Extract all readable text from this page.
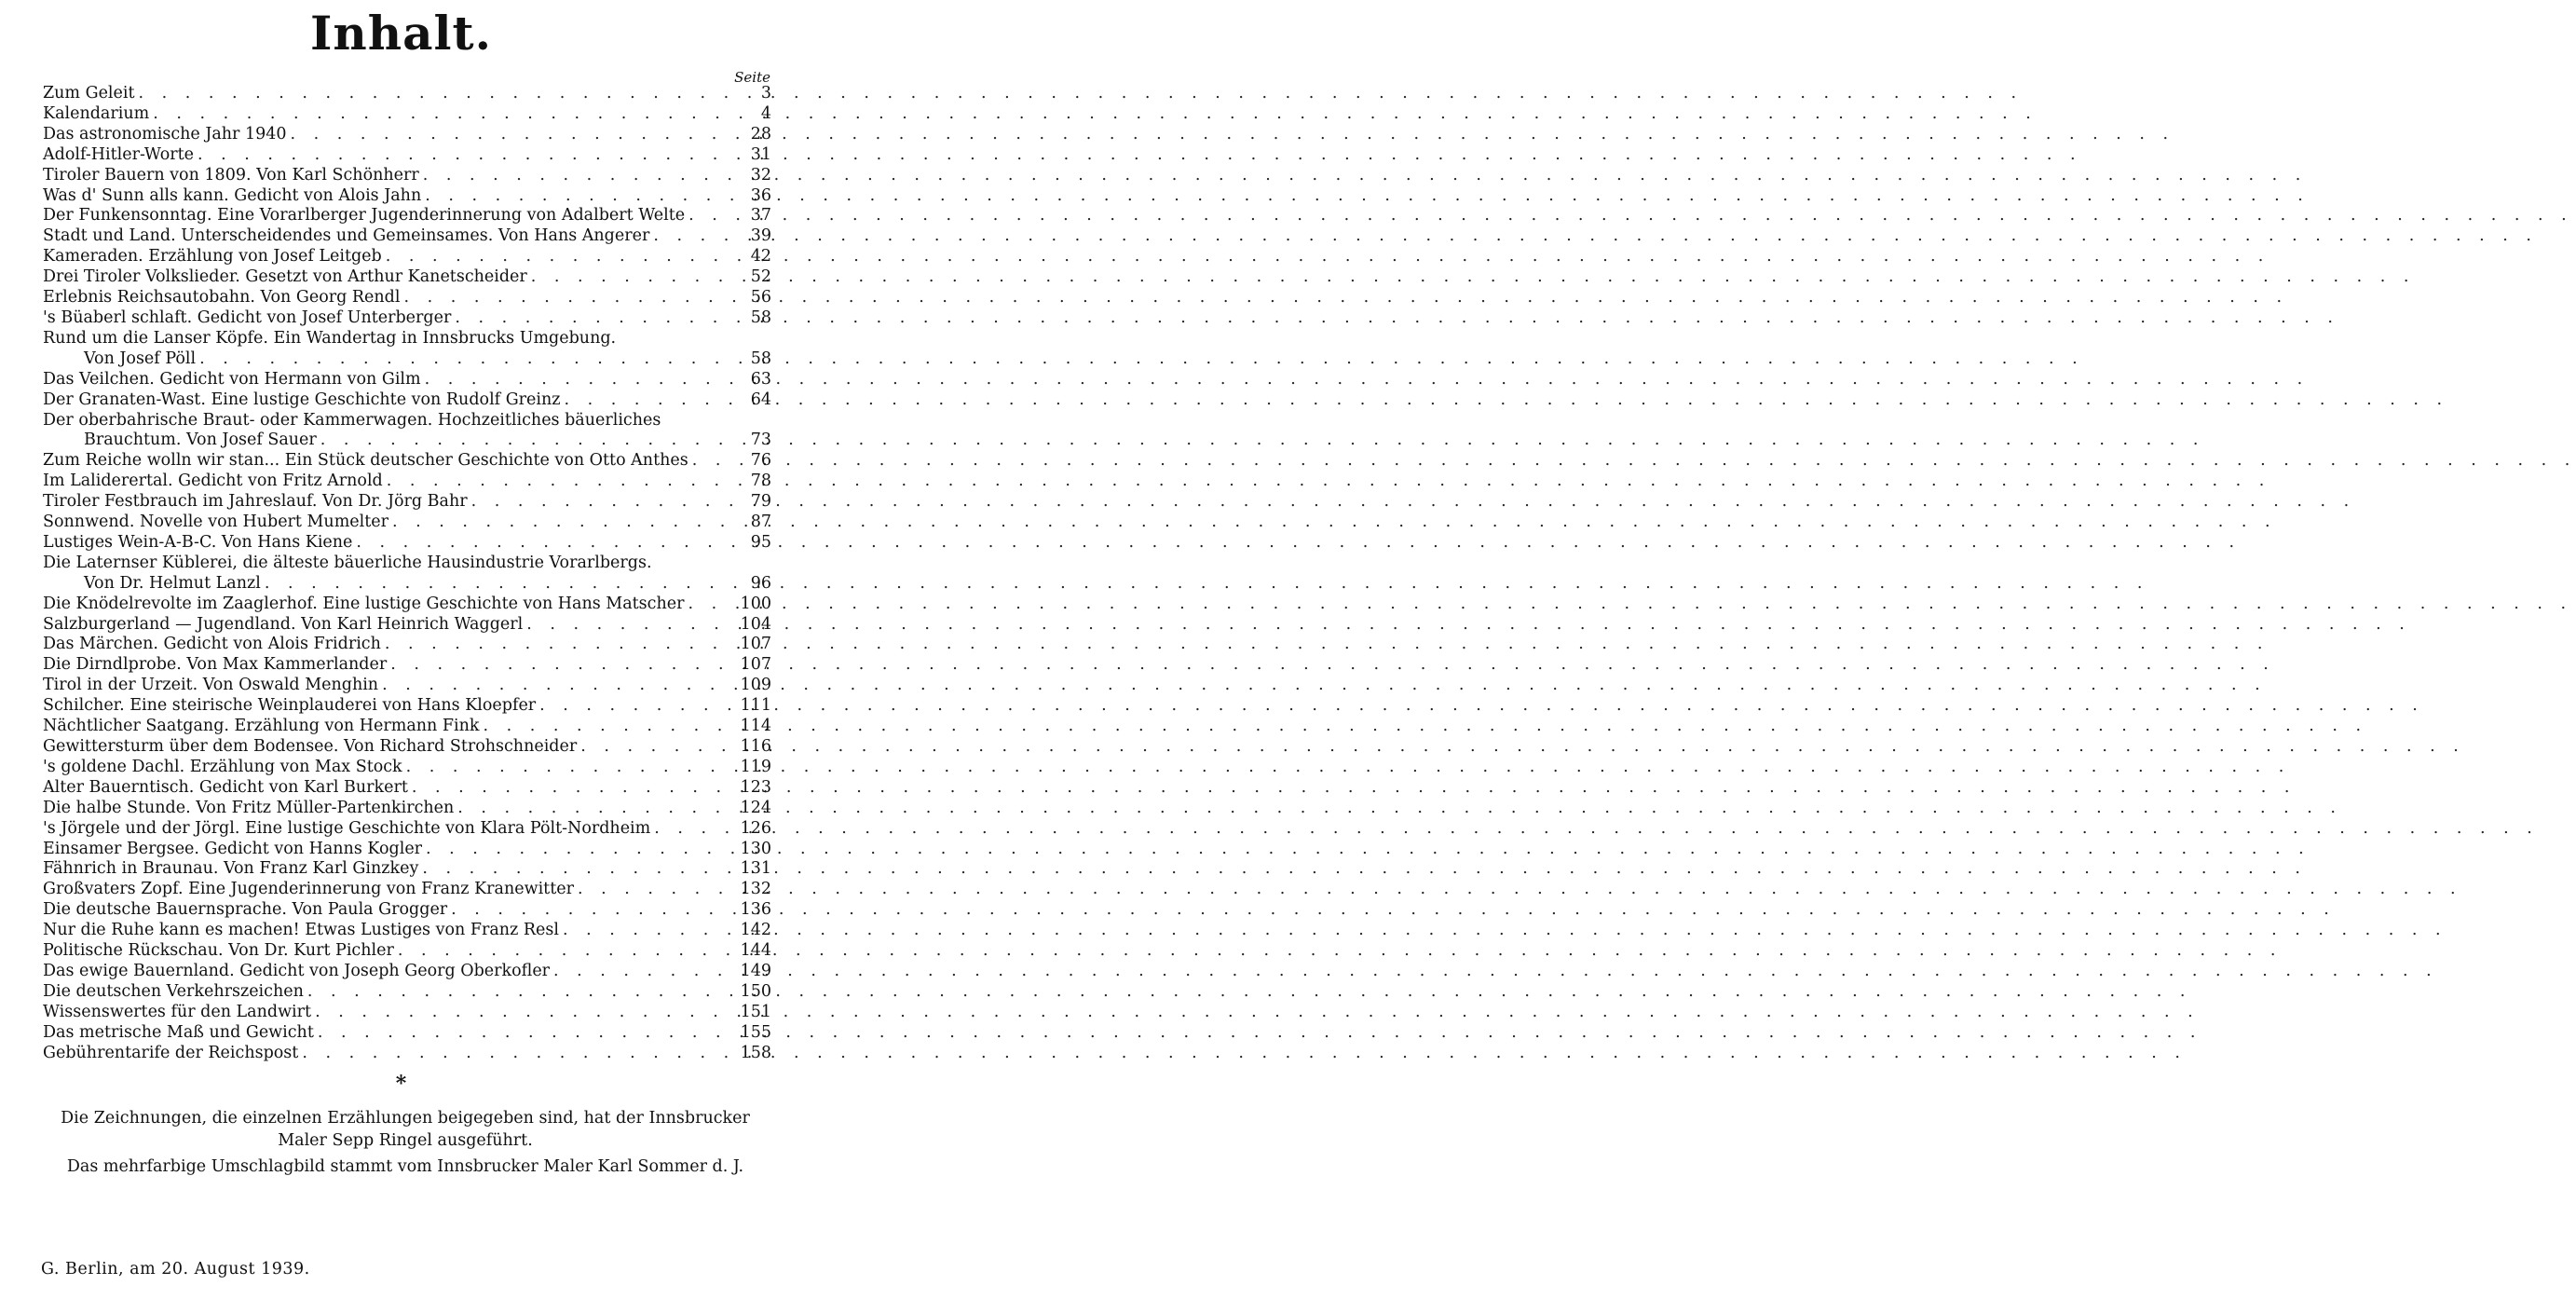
Inhalt.
Seite
Zum Geleit . . .	3
Kalendarium . . .	4
Das astronomische Jahr 1940 . . .	28
Adolf-Hitler-Worte . . .	31
Tiroler Bauern von 1809. Von Karl Schönherr . . .	32
Was d' Sunn alls kann. Gedicht von Alois Jahn . . .	36
Der Funkensonntag. Eine Vorarlberger Jugenderinnerung von Adalbert Welte . . .	37
Stadt und Land. Unterscheidendes und Gemeinsames. Von Hans Angerer . . .	39
Kameraden. Erzählung von Josef Leitgeb . . .	42
Drei Tiroler Volkslieder. Gesetzt von Arthur Kanetscheider . . .	52
Erlebnis Reichsautobahn. Von Georg Rendl . . .	56
's Büaberl schlaft. Gedicht von Josef Unterberger . . .	58
Rund um die Lanser Köpfe. Ein Wandertag in Innsbrucks Umgebung.
Von Josef Pöll . . .	58
Das Veilchen. Gedicht von Hermann von Gilm . . .	63
Der Granaten-Wast. Eine lustige Geschichte von Rudolf Greinz . . .	64
Der oberbahrische Braut- oder Kammerwagen. Hochzeitliches bäuerliches
Brauchtum. Von Josef Sauer . . .	73
Zum Reiche wolln wir stan... Ein Stück deutscher Geschichte von Otto Anthes . . .	76
Im Laliderertal. Gedicht von Fritz Arnold . . .	78
Tiroler Festbrauch im Jahreslauf. Von Dr. Jörg Bahr . . .	79
Sonnwend. Novelle von Hubert Mumelter . . .	87
Lustiges Wein-A-B-C. Von Hans Kiene . . .	95
Die Laternser Küblerei, die älteste bäuerliche Hausindustrie Vorarlbergs.
Von Dr. Helmut Lanzl . . .	96
Die Knödelrevolte im Zaaglerhof. Eine lustige Geschichte von Hans Matscher . . .	100
Salzburgerland — Jugendland. Von Karl Heinrich Waggerl . . .	104
Das Märchen. Gedicht von Alois Fridrich . . .	107
Die Dirndlprobe. Von Max Kammerlander . . .	107
Tirol in der Urzeit. Von Oswald Menghin . . .	109
Schilcher. Eine steirische Weinplauderei von Hans Kloepfer . . .	111
Nächtlicher Saatgang. Erzählung von Hermann Fink . . .	114
Gewittersturm über dem Bodensee. Von Richard Strohschneider . . .	116
's goldene Dachl. Erzählung von Max Stock . . .	119
Alter Bauerntisch. Gedicht von Karl Burkert . . .	123
Die halbe Stunde. Von Fritz Müller-Partenkirchen . . .	124
's Jörgele und der Jörgl. Eine lustige Geschichte von Klara Pölt-Nordheim . . .	126
Einsamer Bergsee. Gedicht von Hanns Kogler . . .	130
Fähnrich in Braunau. Von Franz Karl Ginzkey . . .	131
Großvaters Zopf. Eine Jugenderinnerung von Franz Kranewitter . . .	132
Die deutsche Bauernsprache. Von Paula Grogger . . .	136
Nur die Ruhe kann es machen! Etwas Lustiges von Franz Resl . . .	142
Politische Rückschau. Von Dr. Kurt Pichler . . .	144
Das ewige Bauernland. Gedicht von Joseph Georg Oberkofler . . .	149
Die deutschen Verkehrszeichen . . .	150
Wissenswertes für den Landwirt . . .	151
Das metrische Maß und Gewicht . . .	155
Gebührentarife der Reichspost . . .	158
*
Die Zeichnungen, die einzelnen Erzählungen beigegeben sind, hat der Innsbrucker Maler Sepp Ringel ausgeführt.
Das mehrfarbige Umschlagbild stammt vom Innsbrucker Maler Karl Sommer d. J.
G. Berlin, am 20. August 1939.
